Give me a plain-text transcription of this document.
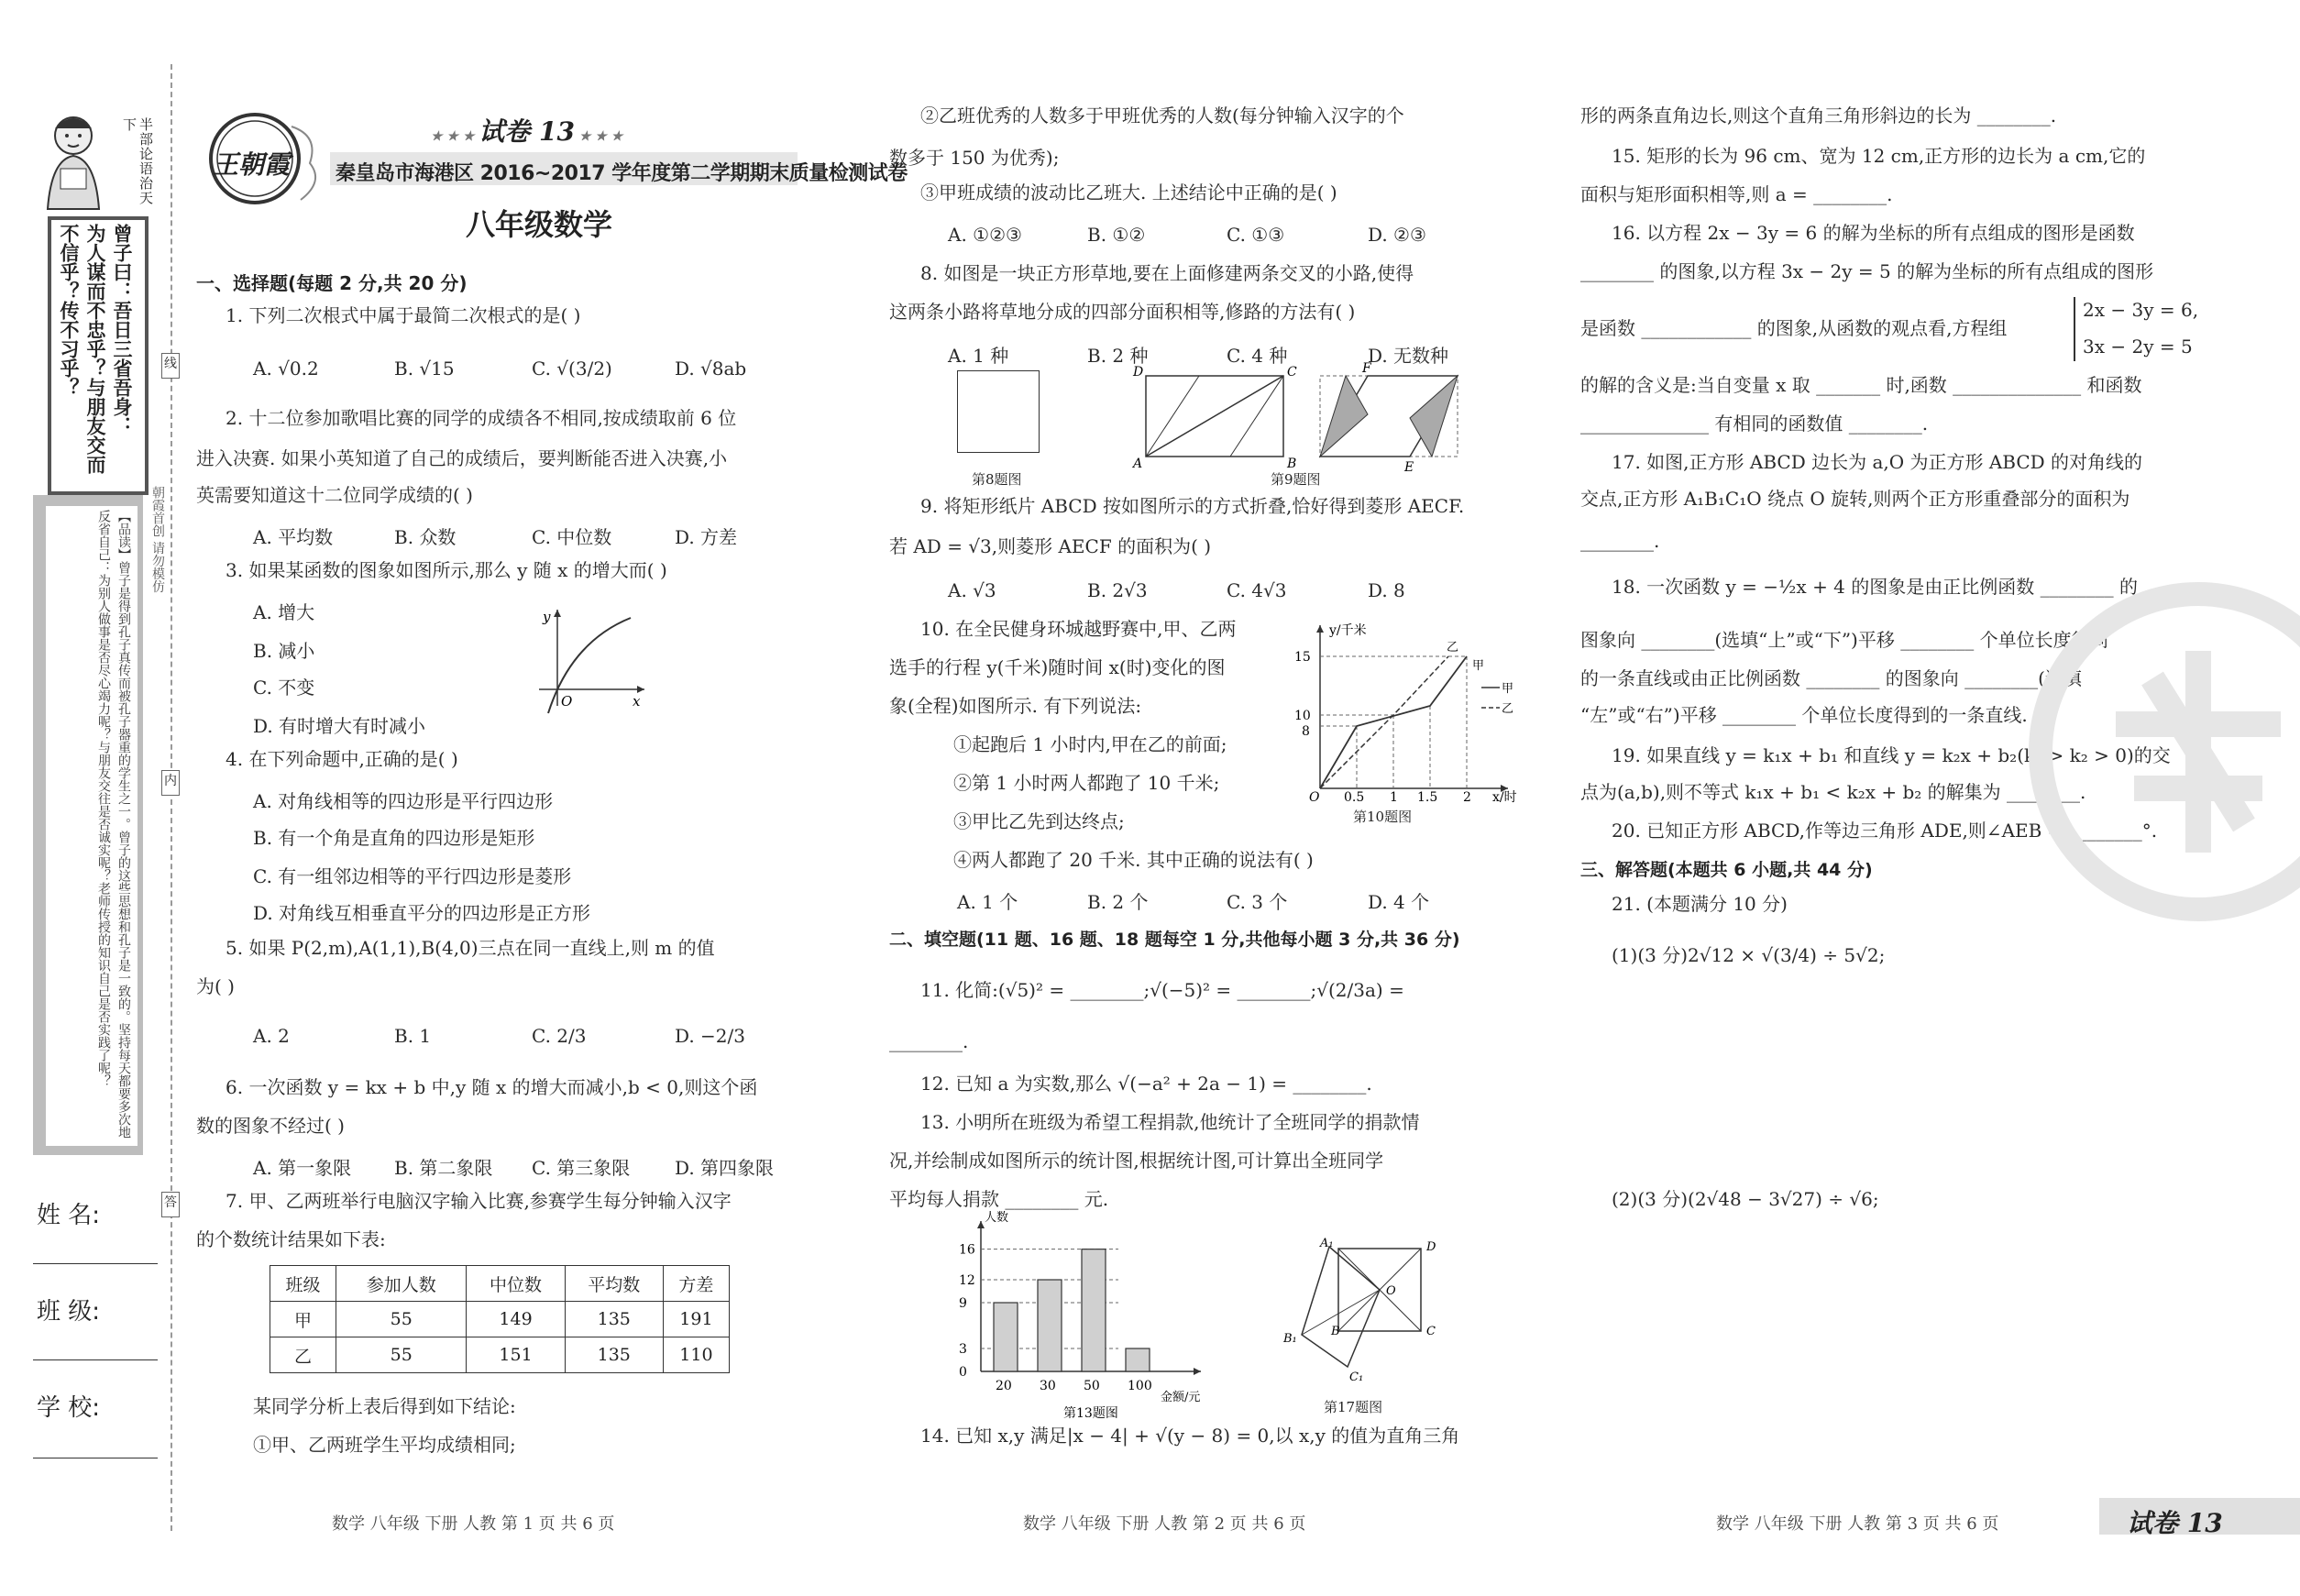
半部论语治天下
曾子曰：吾日三省吾身：
为人谋而不忠乎？与朋友交而
不信乎？传不习乎？
【品读】曾子是得到孔子真传而被孔子器重的学生之一。曾子的这些思想和孔子是一致的。坚持每天都要多次地反省自己：为别人做事是否尽心竭力呢？与朋友交往是否诚实呢？老师传授的知识自己是否实践了呢？
姓 名:
班 级:
学 校:
线
内
答
朝霞首创 请勿模仿
王朝霞
★ ★ ★ 试卷 13 ★ ★ ★
秦皇岛市海港区 2016~2017 学年度第二学期期末质量检测试卷
八年级数学
一、选择题(每题 2 分,共 20 分)
1. 下列二次根式中属于最简二次根式的是( )
A. √0.2	B. √15	C. √(3/2)	D. √8ab
2. 十二位参加歌唱比赛的同学的成绩各不相同,按成绩取前 6 位
进入决赛. 如果小英知道了自己的成绩后，要判断能否进入决赛,小
英需要知道这十二位同学成绩的( )
A. 平均数	B. 众数	C. 中位数	D. 方差
3. 如果某函数的图象如图所示,那么 y 随 x 的增大而( )
A. 增大
B. 减小
C. 不变
D. 有时增大有时减小
y
x
O
4. 在下列命题中,正确的是( )
A. 对角线相等的四边形是平行四边形
B. 有一个角是直角的四边形是矩形
C. 有一组邻边相等的平行四边形是菱形
D. 对角线互相垂直平分的四边形是正方形
5. 如果 P(2,m),A(1,1),B(4,0)三点在同一直线上,则 m 的值
为( )
A. 2	B. 1	C. 2/3	D. −2/3
6. 一次函数 y = kx + b 中,y 随 x 的增大而减小,b < 0,则这个函
数的图象不经过( )
A. 第一象限 B. 第二象限 C. 第三象限 D. 第四象限
7. 甲、乙两班举行电脑汉字输入比赛,参赛学生每分钟输入汉字
的个数统计结果如下表:
班级	参加人数	中位数	平均数	方差
甲	55	149	135	191
乙	55	151	135	110
某同学分析上表后得到如下结论:
①甲、乙两班学生平均成绩相同;
数学 八年级 下册 人教 第 1 页 共 6 页
②乙班优秀的人数多于甲班优秀的人数(每分钟输入汉字的个
数多于 150 为优秀);
③甲班成绩的波动比乙班大. 上述结论中正确的是( )
A. ①②③	B. ①②	C. ①③	D. ②③
8. 如图是一块正方形草地,要在上面修建两条交叉的小路,使得
这两条小路将草地分成的四部分面积相等,修路的方法有( )
A. 1 种	B. 2 种	C. 4 种	D. 无数种
第8题图
D	C
A	B
F
E
第9题图
9. 将矩形纸片 ABCD 按如图所示的方式折叠,恰好得到菱形 AECF.
若 AD = √3,则菱形 AECF 的面积为( )
A. √3	B. 2√3	C. 4√3	D. 8
10. 在全民健身环城越野赛中,甲、乙两
选手的行程 y(千米)随时间 x(时)变化的图
象(全程)如图所示. 有下列说法:
①起跑后 1 小时内,甲在乙的前面;
②第 1 小时两人都跑了 10 千米;
③甲比乙先到达终点;
④两人都跑了 20 千米. 其中正确的说法有( )
A. 1 个	B. 2 个	C. 3 个	D. 4 个
y/千米
x/时
15
10
8
O 0.5 1 1.5 2
乙
甲
甲
乙
第10题图
二、填空题(11 题、16 题、18 题每空 1 分,共他每小题 3 分,共 36 分)
11. 化简:(√5)² = ________;√(−5)² = ________;√(2/3a) =
________.
12. 已知 a 为实数,那么 √(−a² + 2a − 1) = ________.
13. 小明所在班级为希望工程捐款,他统计了全班同学的捐款情
况,并绘制成如图所示的统计图,根据统计图,可计算出全班同学
平均每人捐款 ________ 元.
人数
金额/元
0
3
9
12
16
20 30 50 100
第13题图
A₁	D
O
B₁
B	C
C₁
第17题图
14. 已知 x,y 满足|x − 4| + √(y − 8) = 0,以 x,y 的值为直角三角
数学 八年级 下册 人教 第 2 页 共 6 页
形的两条直角边长,则这个直角三角形斜边的长为 ________.
15. 矩形的长为 96 cm、宽为 12 cm,正方形的边长为 a cm,它的
面积与矩形面积相等,则 a = ________.
16. 以方程 2x − 3y = 6 的解为坐标的所有点组成的图形是函数
________ 的图象,以方程 3x − 2y = 5 的解为坐标的所有点组成的图形
是函数 ____________ 的图象,从函数的观点看,方程组
2x − 3y = 6,
3x − 2y = 5
的解的含义是:当自变量 x 取 _______ 时,函数 ______________ 和函数
______________ 有相同的函数值 ________.
17. 如图,正方形 ABCD 边长为 a,O 为正方形 ABCD 的对角线的
交点,正方形 A₁B₁C₁O 绕点 O 旋转,则两个正方形重叠部分的面积为
________.
18. 一次函数 y = −½x + 4 的图象是由正比例函数 ________ 的
图象向 ________(选填“上”或“下”)平移 ________ 个单位长度得到
的一条直线或由正比例函数 ________ 的图象向 ________(选填
“左”或“右”)平移 ________ 个单位长度得到的一条直线.
19. 如果直线 y = k₁x + b₁ 和直线 y = k₂x + b₂(k₁ > k₂ > 0)的交
点为(a,b),则不等式 k₁x + b₁ < k₂x + b₂ 的解集为 ________.
20. 已知正方形 ABCD,作等边三角形 ADE,则∠AEB = ________°.
三、解答题(本题共 6 小题,共 44 分)
21. (本题满分 10 分)
(1)(3 分)2√12 × √(3/4) ÷ 5√2;
(2)(3 分)(2√48 − 3√27) ÷ √6;
数学 八年级 下册 人教 第 3 页 共 6 页	试卷 13
